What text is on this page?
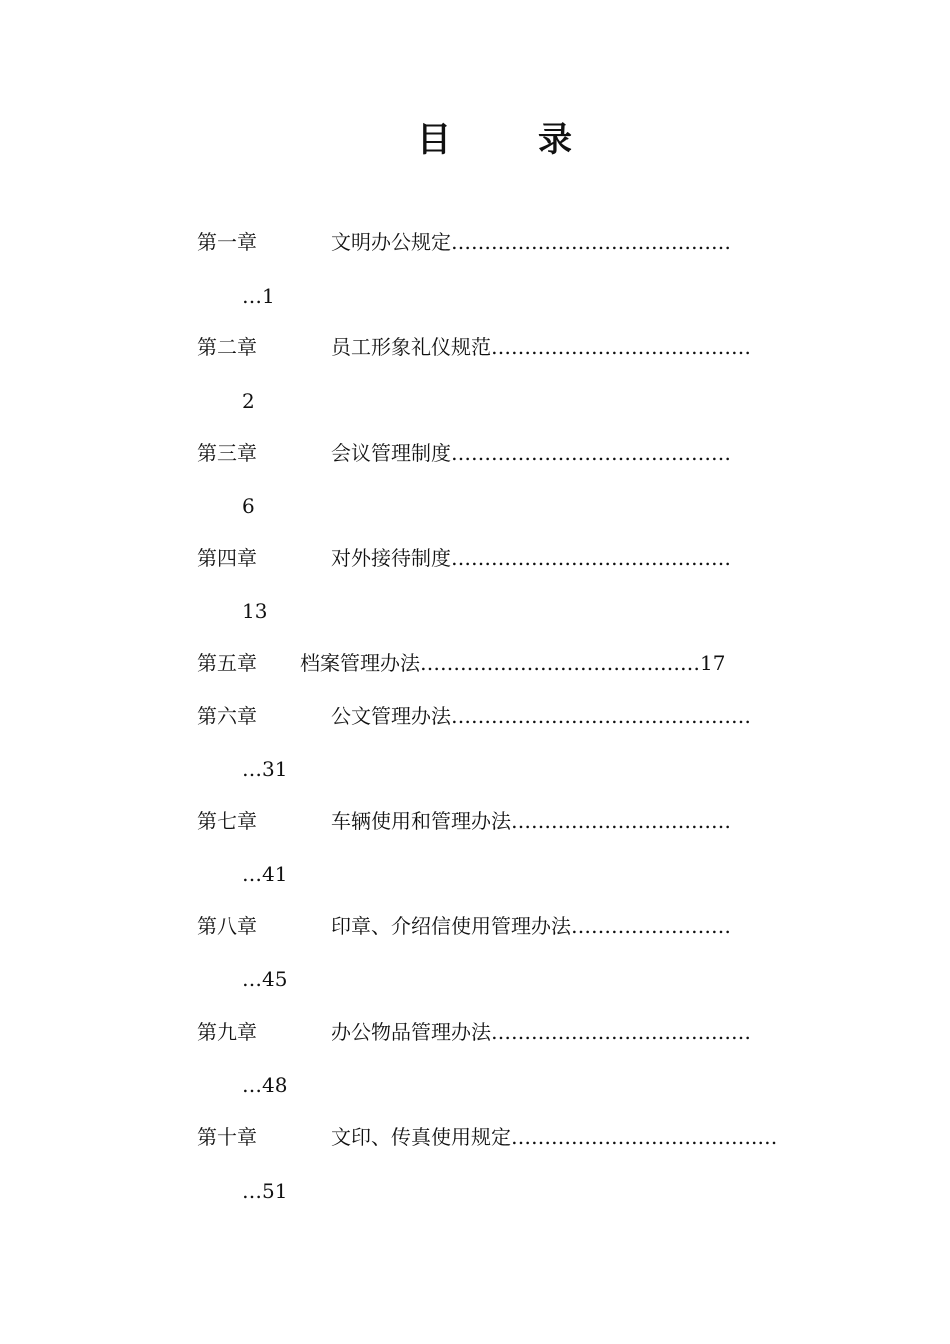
目	录
第一章	文明办公规定……………………………………
…1
第二章	员工形象礼仪规范…………………………………
2
第三章	会议管理制度……………………………………
6
第四章	对外接待制度……………………………………
13
第五章 档案管理办法……………………………………17
第六章	公文管理办法………………………………………
…31
第七章	车辆使用和管理办法……………………………
…41
第八章	印章、介绍信使用管理办法……………………
…45
第九章	办公物品管理办法…………………………………
…48
第十章	文印、传真使用规定……………………………….…
…51
